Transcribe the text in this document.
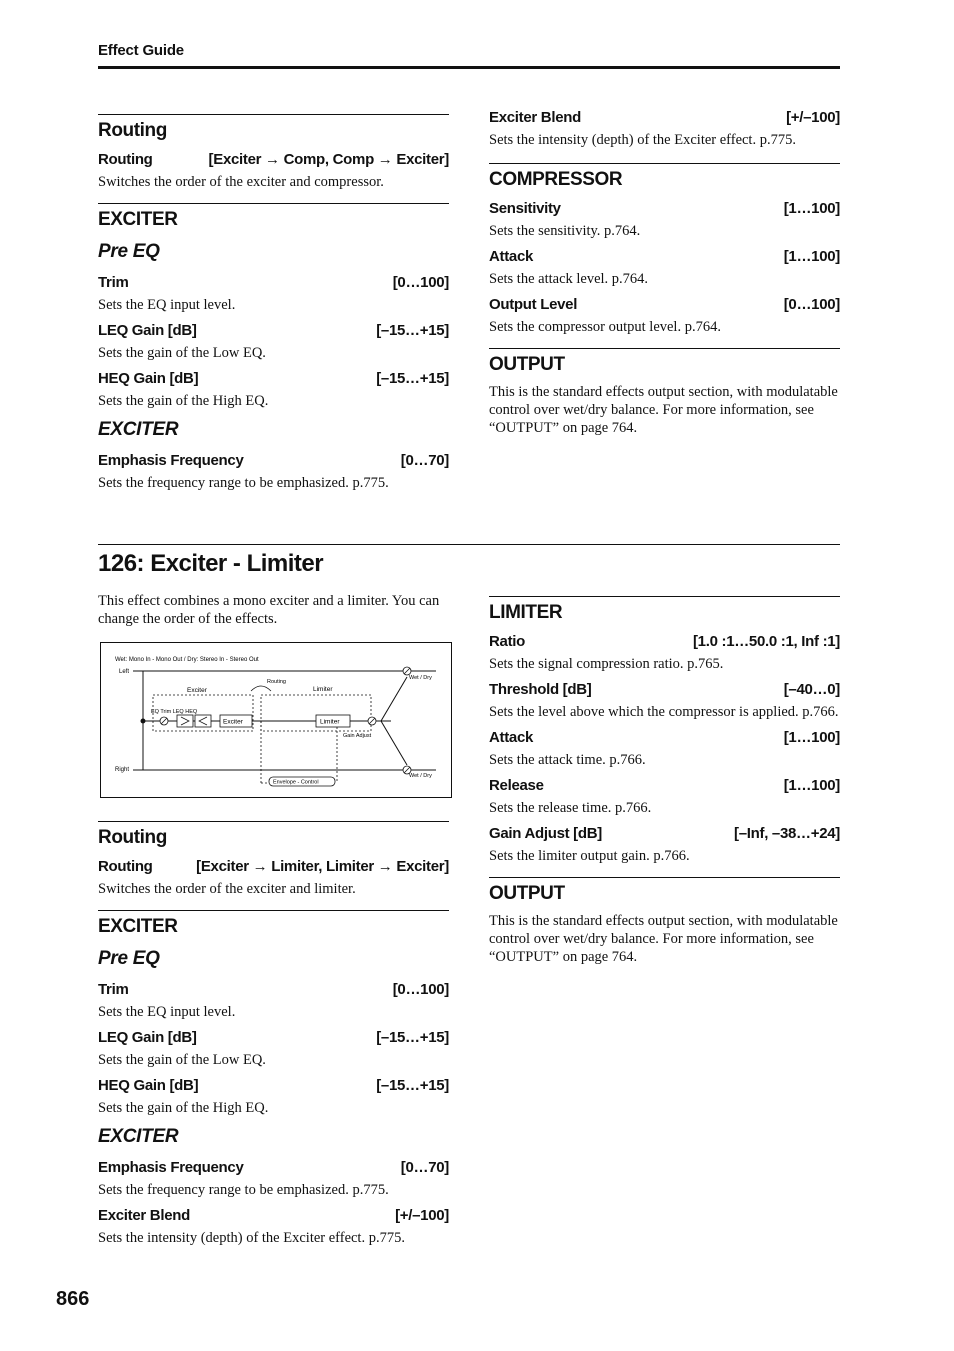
Effect Guide
Routing
Routing	[Exciter → Comp, Comp → Exciter]
Switches the order of the exciter and compressor.
EXCITER
Pre EQ
Trim	[0…100]
Sets the EQ input level.
LEQ Gain [dB]	[–15…+15]
Sets the gain of the Low EQ.
HEQ Gain [dB]	[–15…+15]
Sets the gain of the High EQ.
EXCITER
Emphasis Frequency	[0…70]
Sets the frequency range to be emphasized. p.775.
Exciter Blend	[+/–100]
Sets the intensity (depth) of the Exciter effect. p.775.
COMPRESSOR
Sensitivity	[1…100]
Sets the sensitivity. p.764.
Attack	[1…100]
Sets the attack level. p.764.
Output Level	[0…100]
Sets the compressor output level. p.764.
OUTPUT
This is the standard effects output section, with modulatable control over wet/dry balance. For more information, see “OUTPUT” on page 764.
126: Exciter - Limiter
This effect combines a mono exciter and a limiter. You can change the order of the effects.
Wet: Mono In - Mono Out / Dry: Stereo In - Stereo Out
Left
Right
Exciter
Routing
Limiter
EQ Trim LEQ HEQ
Exciter	Limiter
Gain Adjust
Envelope - Control
Wet / Dry
Wet / Dry
Routing
Routing	[Exciter → Limiter, Limiter → Exciter]
Switches the order of the exciter and limiter.
EXCITER
Pre EQ
Trim	[0…100]
Sets the EQ input level.
LEQ Gain [dB]	[–15…+15]
Sets the gain of the Low EQ.
HEQ Gain [dB]	[–15…+15]
Sets the gain of the High EQ.
EXCITER
Emphasis Frequency	[0…70]
Sets the frequency range to be emphasized. p.775.
Exciter Blend	[+/–100]
Sets the intensity (depth) of the Exciter effect. p.775.
LIMITER
Ratio	[1.0 :1…50.0 :1, Inf :1]
Sets the signal compression ratio. p.765.
Threshold [dB]	[–40…0]
Sets the level above which the compressor is applied. p.766.
Attack	[1…100]
Sets the attack time. p.766.
Release	[1…100]
Sets the release time. p.766.
Gain Adjust [dB]	[–Inf, –38…+24]
Sets the limiter output gain. p.766.
OUTPUT
This is the standard effects output section, with modulatable control over wet/dry balance. For more information, see “OUTPUT” on page 764.
866
